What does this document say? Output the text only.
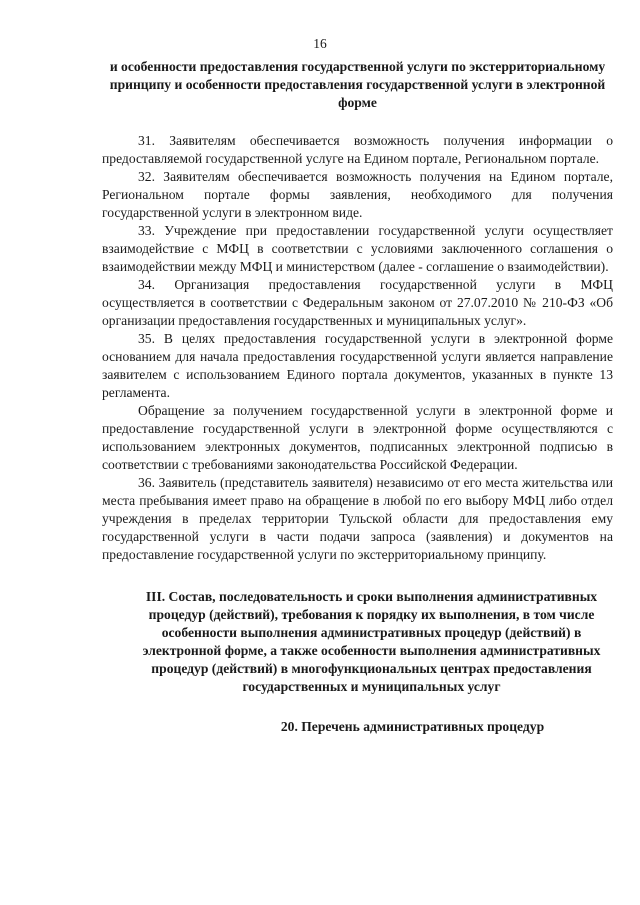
16

и особенности предоставления государственной услуги по экстерриториальному принципу и особенности предоставления государственной услуги в электронной форме

31. Заявителям обеспечивается возможность получения информации о предоставляемой государственной услуге на Едином портале, Региональном портале.

32. Заявителям обеспечивается возможность получения на Едином портале, Региональном портале формы заявления, необходимого для получения государственной услуги в электронном виде.

33. Учреждение при предоставлении государственной услуги осуществляет взаимодействие с МФЦ в соответствии с условиями заключенного соглашения о взаимодействии между МФЦ и министерством (далее - соглашение о взаимодействии).

34. Организация предоставления государственной услуги в МФЦ осуществляется в соответствии с Федеральным законом от 27.07.2010 № 210-ФЗ «Об организации предоставления государственных и муниципальных услуг».

35. В целях предоставления государственной услуги в электронной форме основанием для начала предоставления государственной услуги является направление заявителем с использованием Единого портала документов, указанных в пункте 13 регламента.

Обращение за получением государственной услуги в электронной форме и предоставление государственной услуги в электронной форме осуществляются с использованием электронных документов, подписанных электронной подписью в соответствии с требованиями законодательства Российской Федерации.

36. Заявитель (представитель заявителя) независимо от его места жительства или места пребывания имеет право на обращение в любой по его выбору МФЦ либо отдел учреждения в пределах территории Тульской области для предоставления ему государственной услуги в части подачи запроса (заявления) и документов на предоставление государственной услуги по экстерриториальному принципу.

III. Состав, последовательность и сроки выполнения административных процедур (действий), требования к порядку их выполнения, в том числе особенности выполнения административных процедур (действий) в электронной форме, а также особенности выполнения административных процедур (действий) в многофункциональных центрах предоставления государственных и муниципальных услуг

20. Перечень административных процедур
